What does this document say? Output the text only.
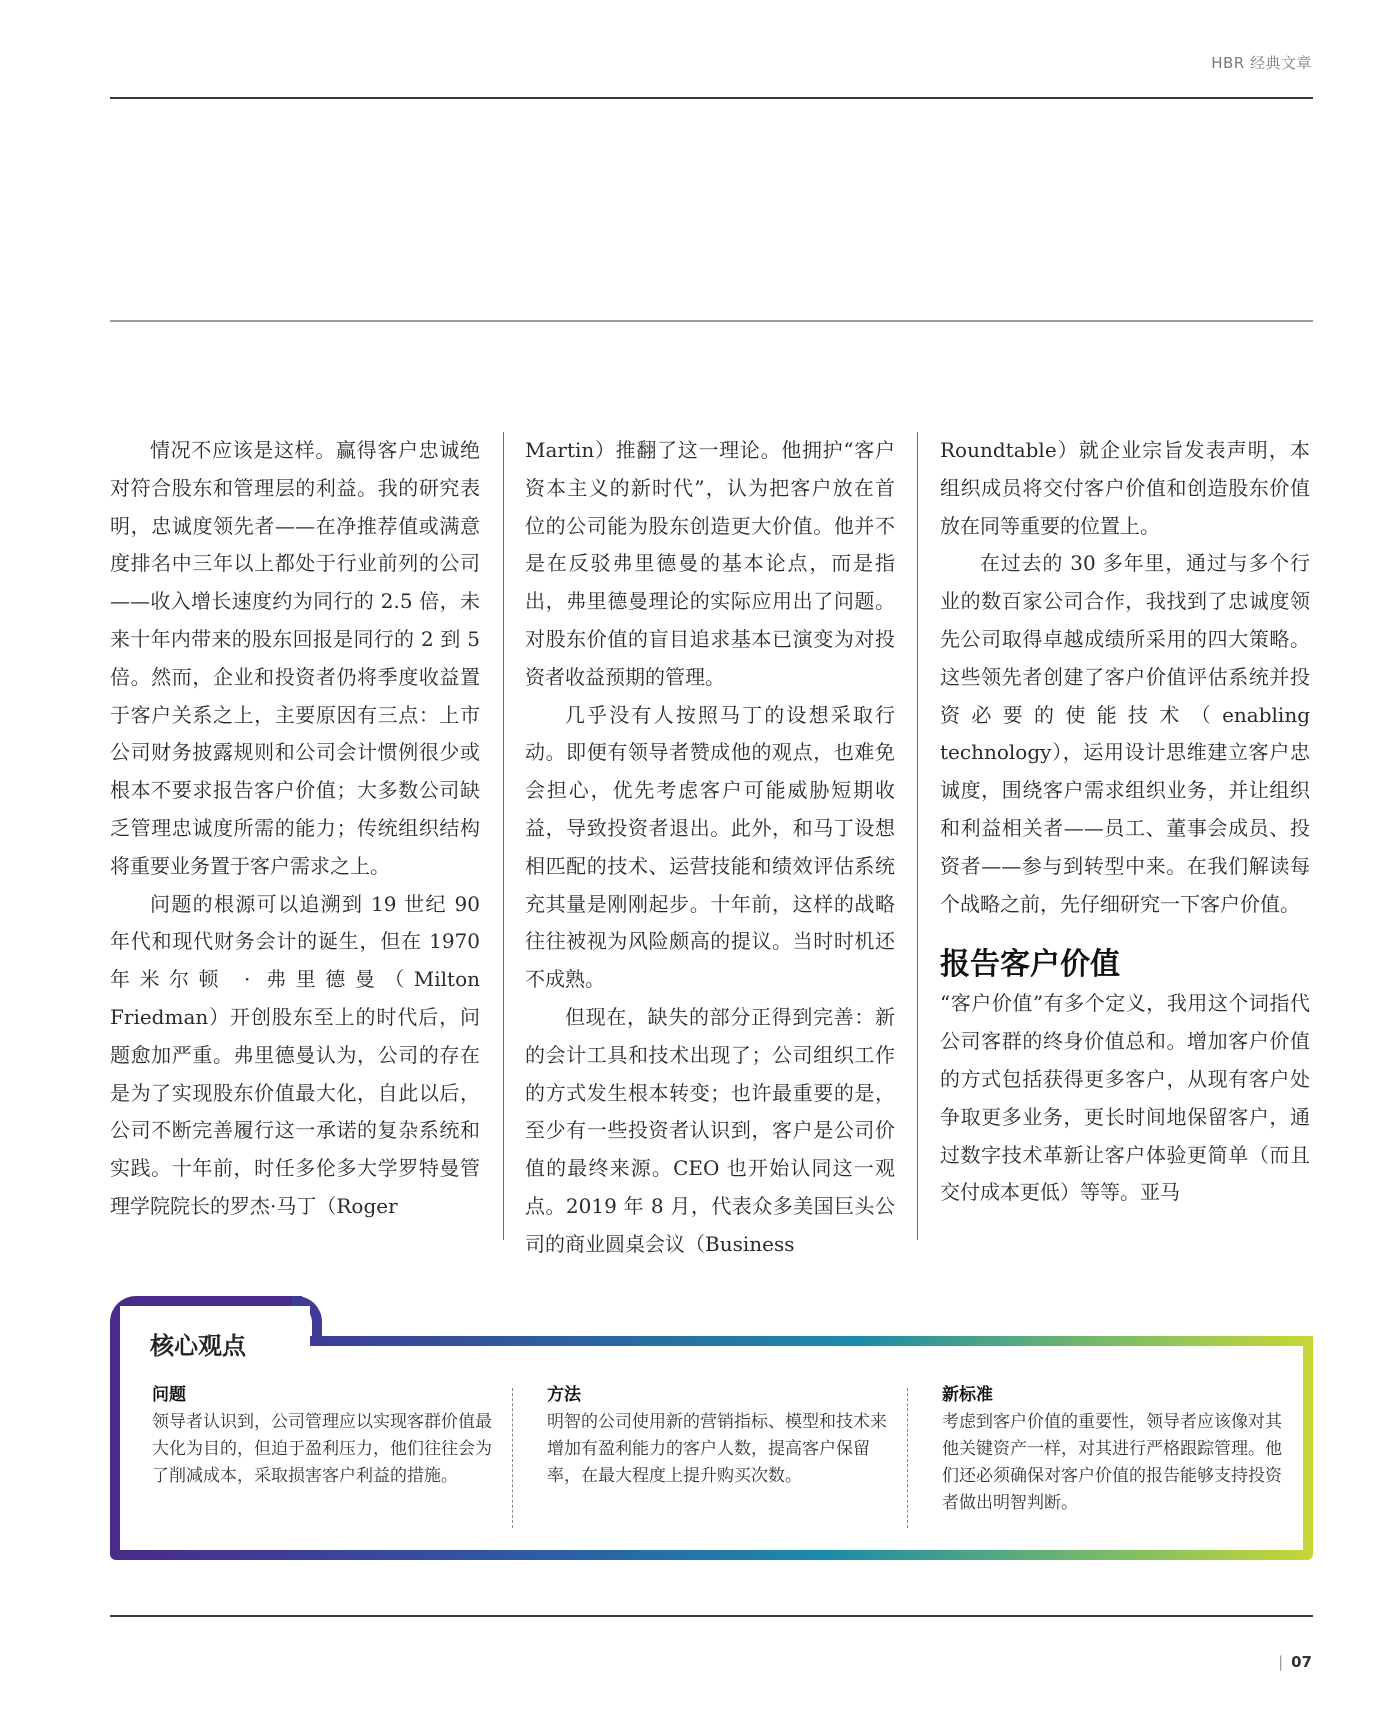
HBR 经典文章

情况不应该是这样。赢得客户忠诚绝对符合股东和管理层的利益。我的研究表明，忠诚度领先者——在净推荐值或满意度排名中三年以上都处于行业前列的公司——收入增长速度约为同行的 2.5 倍，未来十年内带来的股东回报是同行的 2 到 5 倍。然而，企业和投资者仍将季度收益置于客户关系之上，主要原因有三点：上市公司财务披露规则和公司会计惯例很少或根本不要求报告客户价值；大多数公司缺乏管理忠诚度所需的能力；传统组织结构将重要业务置于客户需求之上。

问题的根源可以追溯到 19 世纪 90 年代和现代财务会计的诞生，但在 1970 年米尔顿 · 弗里德曼（Milton Friedman）开创股东至上的时代后，问题愈加严重。弗里德曼认为，公司的存在是为了实现股东价值最大化，自此以后，公司不断完善履行这一承诺的复杂系统和实践。十年前，时任多伦多大学罗特曼管理学院院长的罗杰·马丁（Roger

Martin）推翻了这一理论。他拥护“客户资本主义的新时代”，认为把客户放在首位的公司能为股东创造更大价值。他并不是在反驳弗里德曼的基本论点，而是指出，弗里德曼理论的实际应用出了问题。对股东价值的盲目追求基本已演变为对投资者收益预期的管理。

几乎没有人按照马丁的设想采取行动。即便有领导者赞成他的观点，也难免会担心，优先考虑客户可能威胁短期收益，导致投资者退出。此外，和马丁设想相匹配的技术、运营技能和绩效评估系统充其量是刚刚起步。十年前，这样的战略往往被视为风险颇高的提议。当时时机还不成熟。

但现在，缺失的部分正得到完善：新的会计工具和技术出现了；公司组织工作的方式发生根本转变；也许最重要的是，至少有一些投资者认识到，客户是公司价值的最终来源。CEO 也开始认同这一观点。2019 年 8 月，代表众多美国巨头公司的商业圆桌会议（Business

Roundtable）就企业宗旨发表声明，本组织成员将交付客户价值和创造股东价值放在同等重要的位置上。

在过去的 30 多年里，通过与多个行业的数百家公司合作，我找到了忠诚度领先公司取得卓越成绩所采用的四大策略。这些领先者创建了客户价值评估系统并投资必要的使能技术（enabling technology），运用设计思维建立客户忠诚度，围绕客户需求组织业务，并让组织和利益相关者——员工、董事会成员、投资者——参与到转型中来。在我们解读每个战略之前，先仔细研究一下客户价值。

报告客户价值

“客户价值”有多个定义，我用这个词指代公司客群的终身价值总和。增加客户价值的方式包括获得更多客户，从现有客户处争取更多业务，更长时间地保留客户，通过数字技术革新让客户体验更简单（而且交付成本更低）等等。亚马

核心观点
问题

领导者认识到，公司管理应以实现客群价值最大化为目的，但迫于盈利压力，他们往往会为了削减成本，采取损害客户利益的措施。

方法

明智的公司使用新的营销指标、模型和技术来增加有盈利能力的客户人数，提高客户保留率，在最大程度上提升购买次数。

新标准

考虑到客户价值的重要性，领导者应该像对其他关键资产一样，对其进行严格跟踪管理。他们还必须确保对客户价值的报告能够支持投资者做出明智判断。

| 07
